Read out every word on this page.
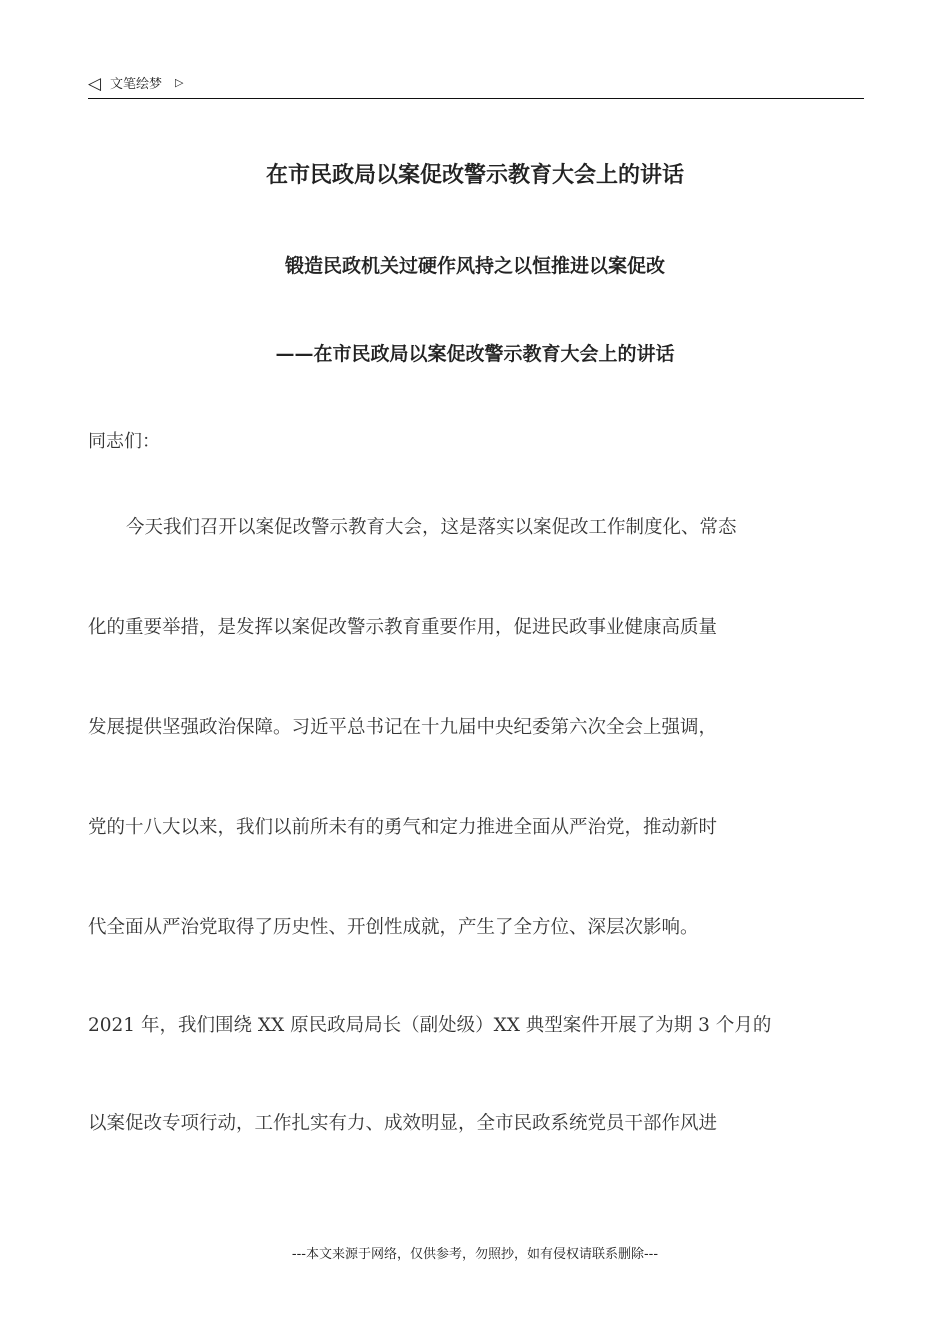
◁ 文笔绘梦 ▷
在市民政局以案促改警示教育大会上的讲话
锻造民政机关过硬作风持之以恒推进以案促改
——在市民政局以案促改警示教育大会上的讲话
同志们：
今天我们召开以案促改警示教育大会，这是落实以案促改工作制度化、常态
化的重要举措，是发挥以案促改警示教育重要作用，促进民政事业健康高质量
发展提供坚强政治保障。习近平总书记在十九届中央纪委第六次全会上强调，
党的十八大以来，我们以前所未有的勇气和定力推进全面从严治党，推动新时
代全面从严治党取得了历史性、开创性成就，产生了全方位、深层次影响。
2021 年，我们围绕 XX 原民政局局长（副处级）XX 典型案件开展了为期 3 个月的
以案促改专项行动，工作扎实有力、成效明显，全市民政系统党员干部作风进
---本文来源于网络，仅供参考，勿照抄，如有侵权请联系删除---
